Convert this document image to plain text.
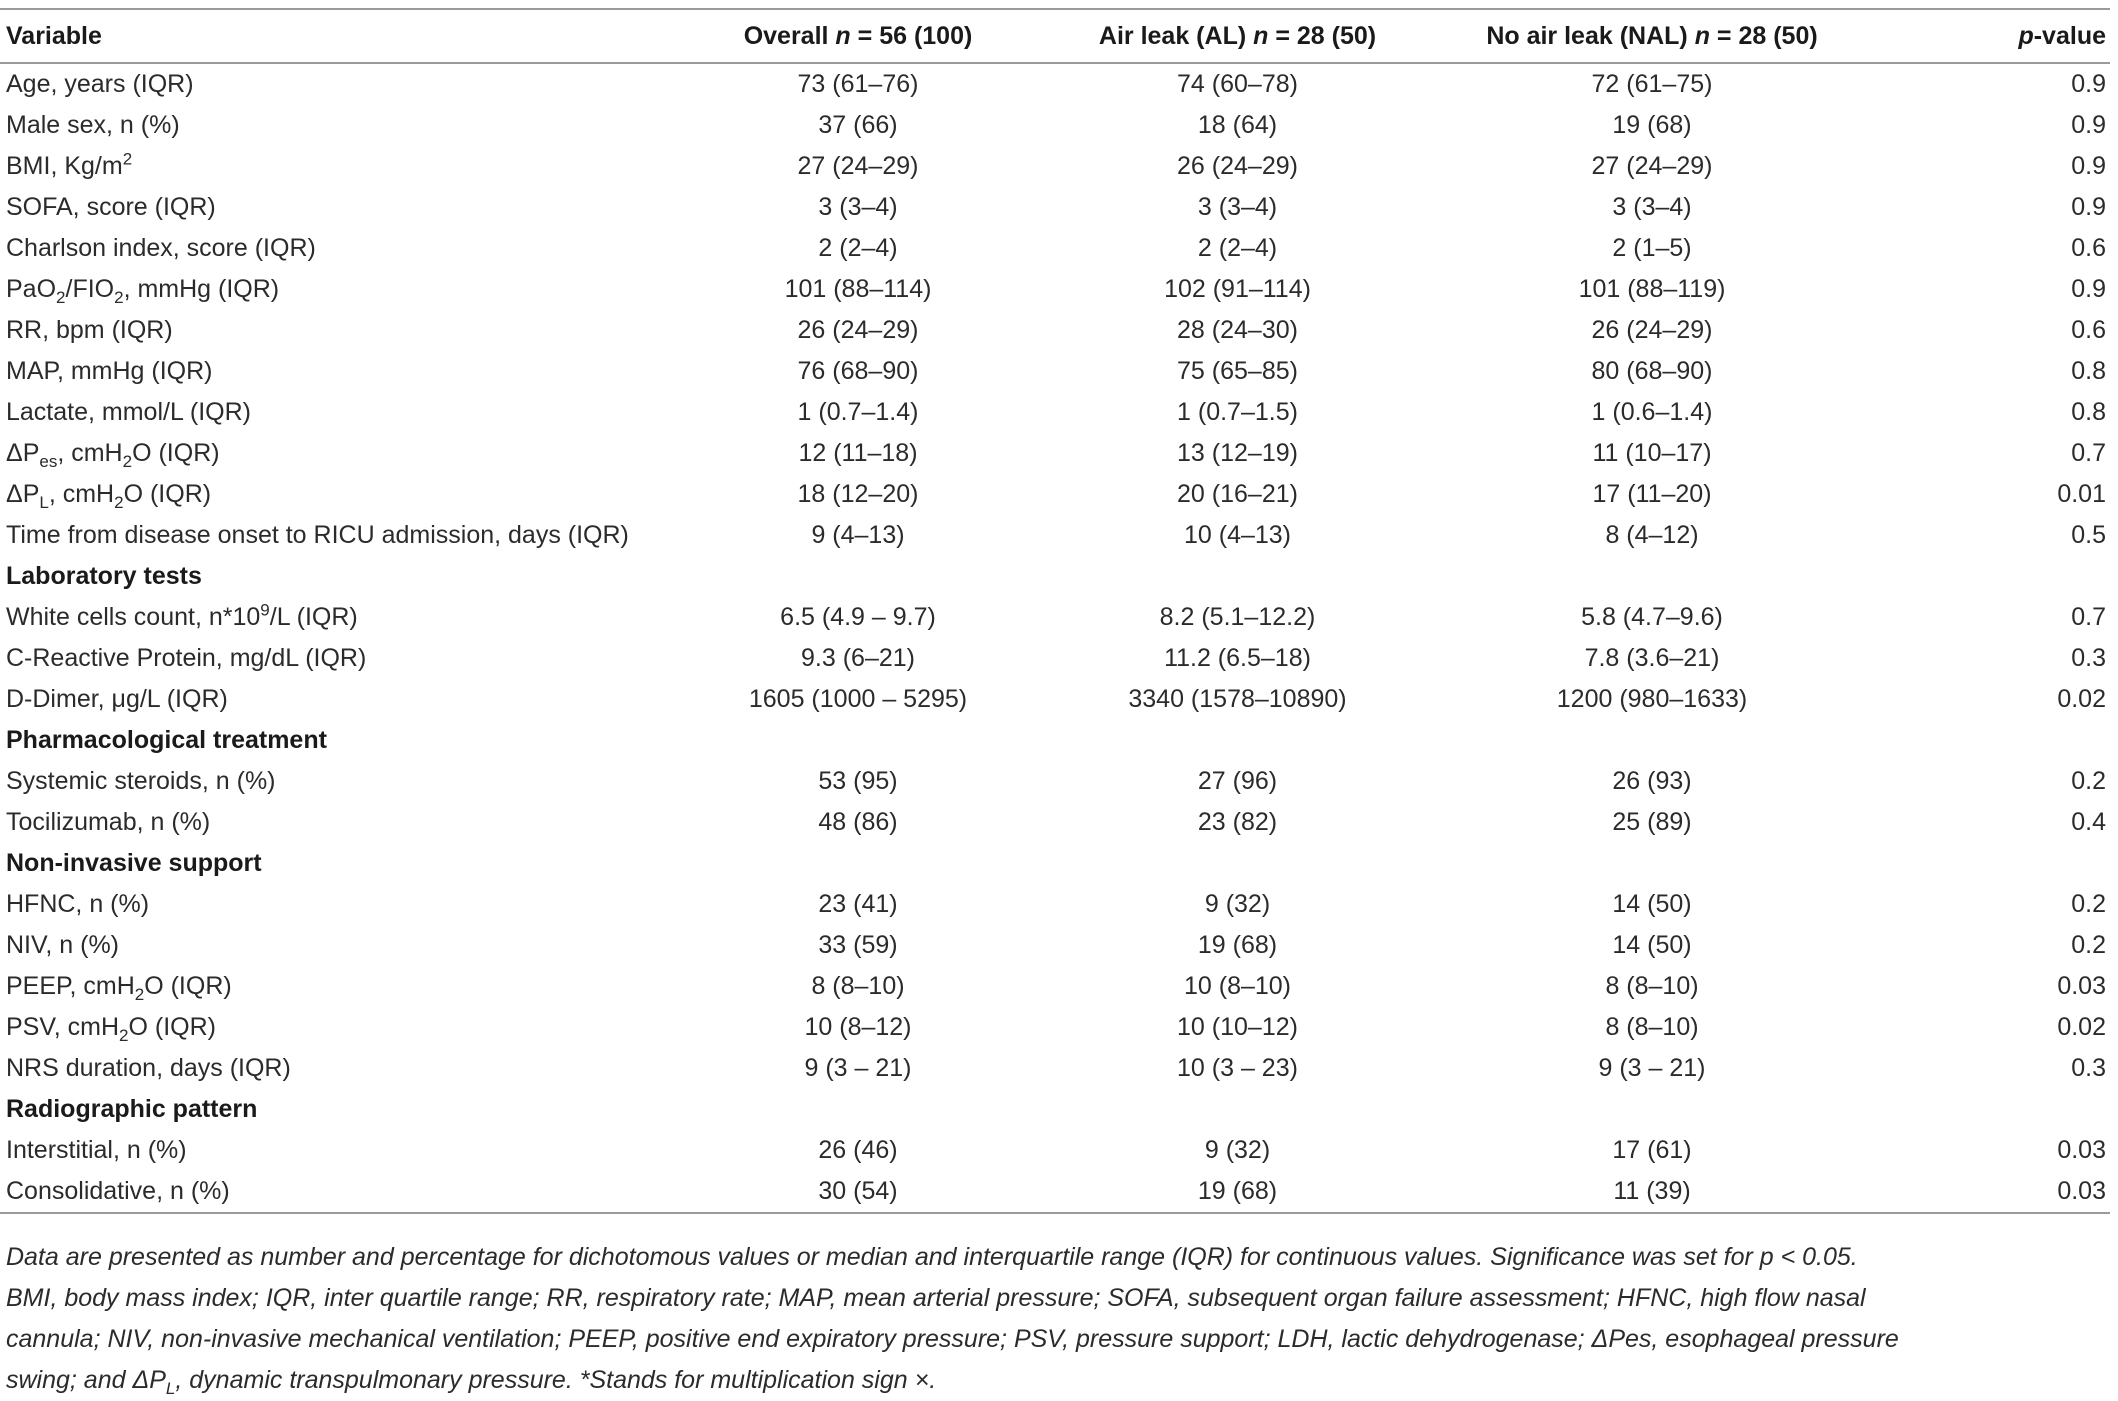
Variable	Overall n = 56 (100)	Air leak (AL) n = 28 (50)	No air leak (NAL) n = 28 (50)	p-value
Age, years (IQR)	73 (61–76)	74 (60–78)	72 (61–75)	0.9
Male sex, n (%)	37 (66)	18 (64)	19 (68)	0.9
BMI, $Kg/m^2$	27 (24–29)	26 (24–29)	27 (24–29)	0.9
SOFA, score (IQR)	3 (3–4)	3 (3–4)	3 (3–4)	0.9
Charlson index, score (IQR)	2 (2–4)	2 (2–4)	2 (1–5)	0.6
$PaO_2/FIO_2$, mmHg (IQR)	101 (88–114)	102 (91–114)	101 (88–119)	0.9
RR, bpm (IQR)	26 (24–29)	28 (24–30)	26 (24–29)	0.6
MAP, mmHg (IQR)	76 (68–90)	75 (65–85)	80 (68–90)	0.8
Lactate, mmol/L (IQR)	1 (0.7–1.4)	1 (0.7–1.5)	1 (0.6–1.4)	0.8
$\Delta P_{es}$, cmH$_2$O (IQR)	12 (11–18)	13 (12–19)	11 (10–17)	0.7
$\Delta P_L$, cmH$_2$O (IQR)	18 (12–20)	20 (16–21)	17 (11–20)	0.01
Time from disease onset to RICU admission, days (IQR)	9 (4–13)	10 (4–13)	8 (4–12)	0.5
Laboratory tests				
White cells count, $n*10^9/L$ (IQR)	6.5 (4.9 – 9.7)	8.2 (5.1–12.2)	5.8 (4.7–9.6)	0.7
C-Reactive Protein, mg/dL (IQR)	9.3 (6–21)	11.2 (6.5–18)	7.8 (3.6–21)	0.3
D-Dimer, μg/L (IQR)	1605 (1000 – 5295)	3340 (1578–10890)	1200 (980–1633)	0.02
Pharmacological treatment				
Systemic steroids, n (%)	53 (95)	27 (96)	26 (93)	0.2
Tocilizumab, n (%)	48 (86)	23 (82)	25 (89)	0.4
Non-invasive support				
HFNC, n (%)	23 (41)	9 (32)	14 (50)	0.2
NIV, n (%)	33 (59)	19 (68)	14 (50)	0.2
PEEP, cmH$_2$O (IQR)	8 (8–10)	10 (8–10)	8 (8–10)	0.03
PSV, cmH$_2$O (IQR)	10 (8–12)	10 (10–12)	8 (8–10)	0.02
NRS duration, days (IQR)	9 (3 – 21)	10 (3 – 23)	9 (3 – 21)	0.3
Radiographic pattern				
Interstitial, n (%)	26 (46)	9 (32)	17 (61)	0.03
Consolidative, n (%)	30 (54)	19 (68)	11 (39)	0.03
Data are presented as number and percentage for dichotomous values or median and interquartile range (IQR) for continuous values. Significance was set for p < 0.05.
BMI, body mass index; IQR, inter quartile range; RR, respiratory rate; MAP, mean arterial pressure; SOFA, subsequent organ failure assessment; HFNC, high flow nasal
cannula; NIV, non-invasive mechanical ventilation; PEEP, positive end expiratory pressure; PSV, pressure support; LDH, lactic dehydrogenase; ΔPes, esophageal pressure
swing; and $\Delta P_L$, dynamic transpulmonary pressure. *Stands for multiplication sign ×.
